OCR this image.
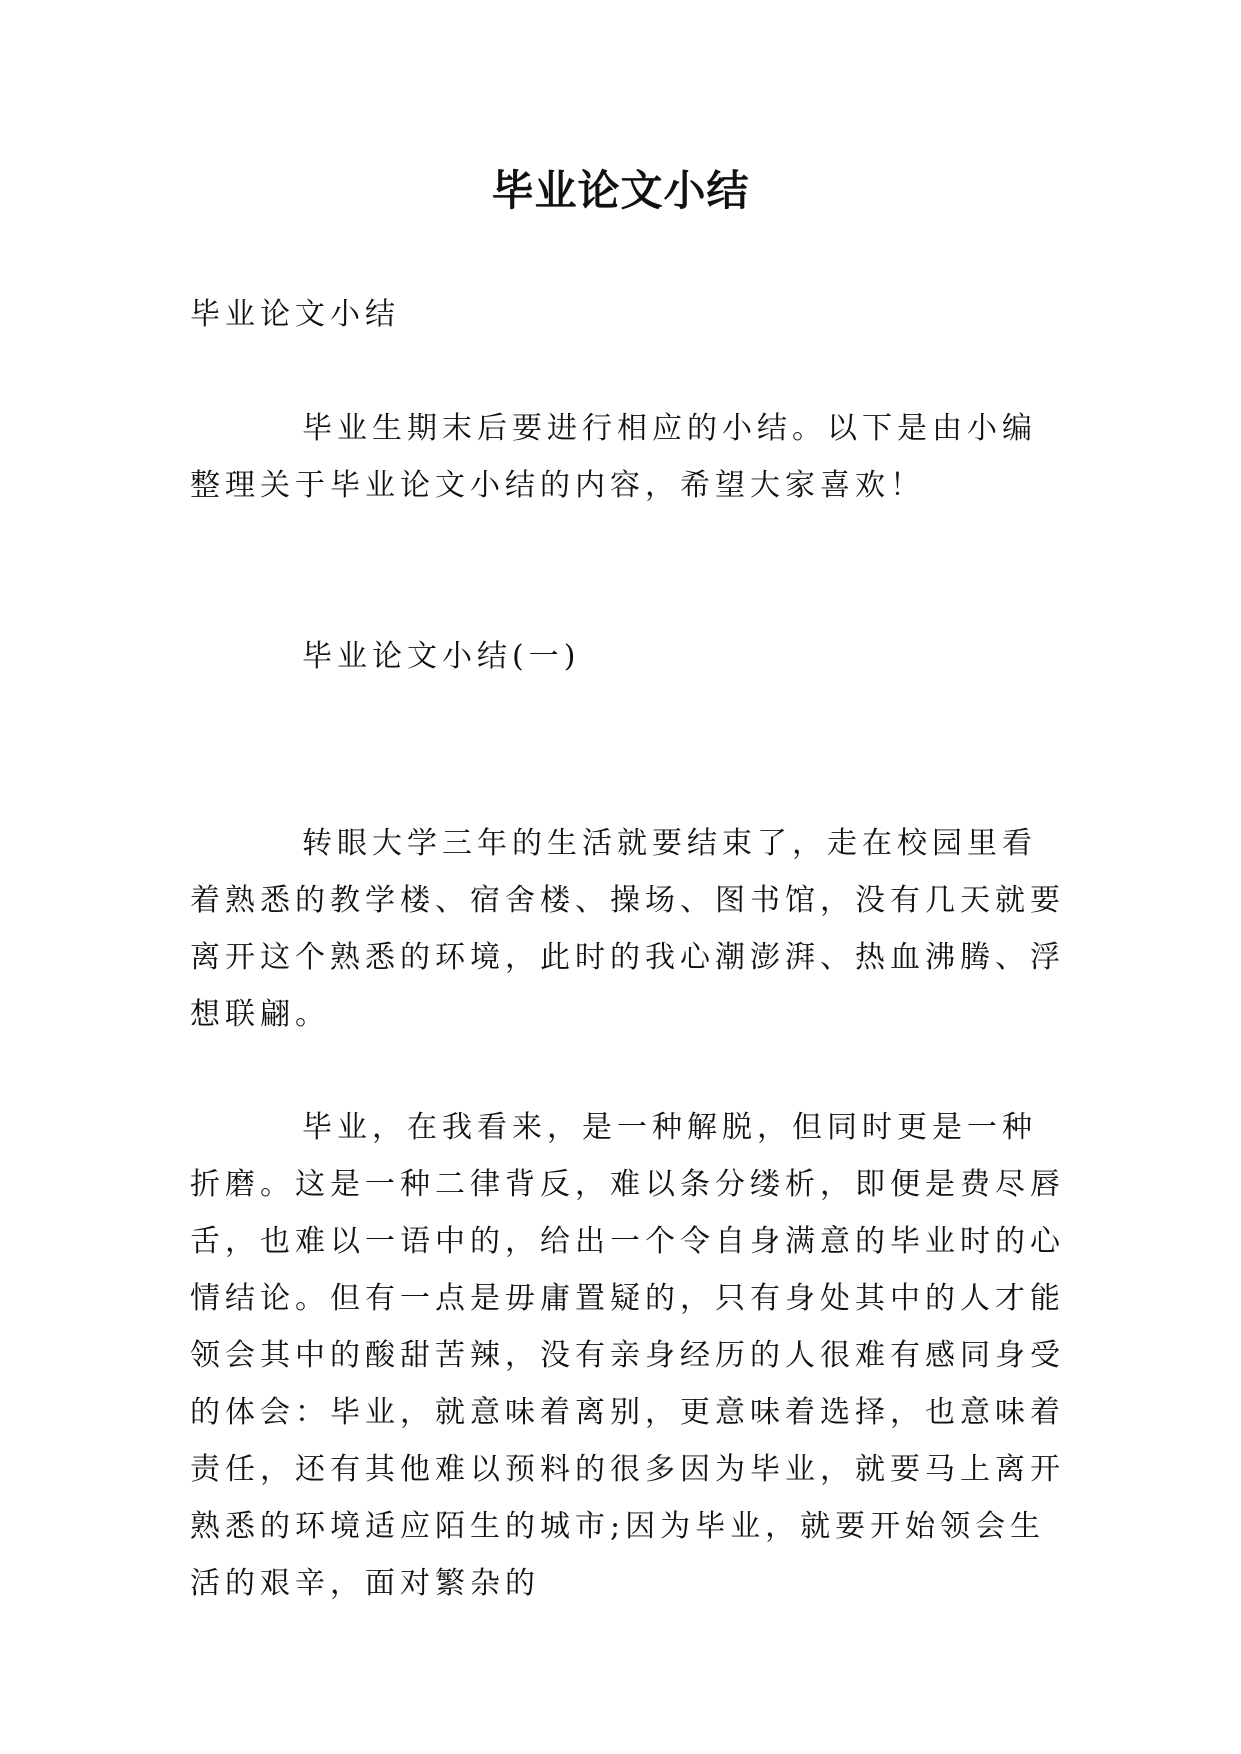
毕业论文小结

毕业论文小结

毕业生期末后要进行相应的小结。以下是由小编整理关于毕业论文小结的内容，希望大家喜欢！

毕业论文小结(一)

转眼大学三年的生活就要结束了，走在校园里看着熟悉的教学楼、宿舍楼、操场、图书馆，没有几天就要离开这个熟悉的环境，此时的我心潮澎湃、热血沸腾、浮想联翩。

毕业，在我看来，是一种解脱，但同时更是一种折磨。这是一种二律背反，难以条分缕析，即便是费尽唇舌，也难以一语中的，给出一个令自身满意的毕业时的心情结论。但有一点是毋庸置疑的，只有身处其中的人才能领会其中的酸甜苦辣，没有亲身经历的人很难有感同身受的体会：毕业，就意味着离别，更意味着选择，也意味着责任，还有其他难以预料的很多因为毕业，就要马上离开熟悉的环境适应陌生的城市;因为毕业，就要开始领会生活的艰辛，面对繁杂的
